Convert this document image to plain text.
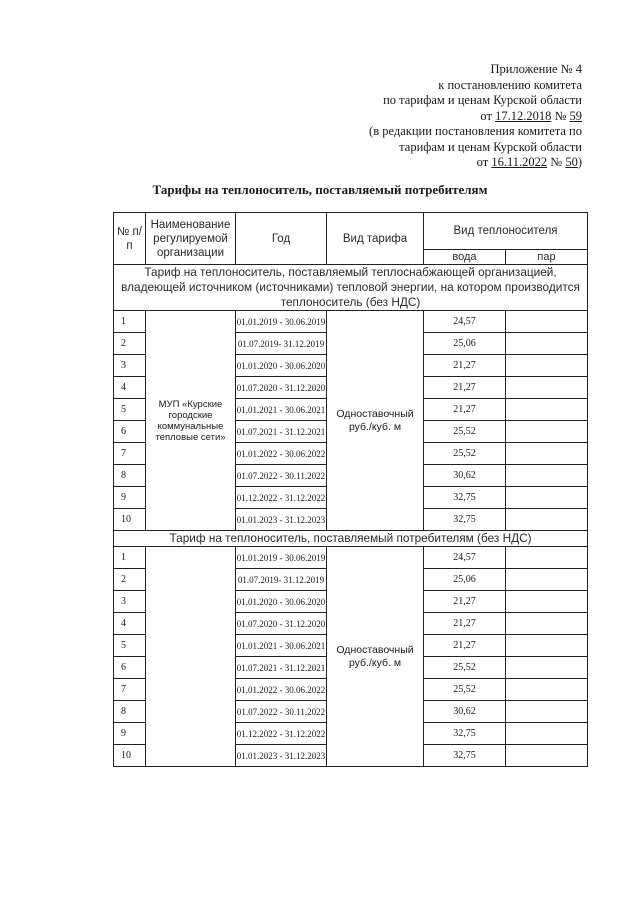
Приложение № 4
к постановлению комитета
по тарифам и ценам Курской области
от 17.12.2018 № 59
(в редакции постановления комитета по
тарифам и ценам Курской области
от 16.11.2022 № 50)
Тарифы на теплоноситель, поставляемый потребителям
№ п/п	Наименование регулируемой организации	Год	Вид тарифа	Вид теплоносителя	
				вода	пар
Тариф на теплоноситель, поставляемый теплоснабжающей организацией, владеющей источником (источниками) тепловой энергии, на котором производится теплоноситель (без НДС)					
1	МУП «Курские городские коммунальные тепловые сети»	01.01.2019 - 30.06.2019	Одноставочный руб./куб. м	24,57	
2		01.07.2019- 31.12.2019		25,06	
3		01.01.2020 - 30.06.2020		21,27	
4		01.07.2020 - 31.12.2020		21,27	
5		01.01.2021 - 30.06.2021		21,27	
6		01.07.2021 - 31.12.2021		25,52	
7		01.01.2022 - 30.06.2022		25,52	
8		01.07.2022 - 30.11.2022		30,62	
9		01.12.2022 - 31.12.2022		32,75	
10		01.01.2023 - 31.12.2023		32,75	
Тариф на теплоноситель, поставляемый потребителям (без НДС)					
1		01.01.2019 - 30.06.2019	Одноставочный руб./куб. м	24,57	
2		01.07.2019- 31.12.2019		25,06	
3		01.01.2020 - 30.06.2020		21,27	
4		01.07.2020 - 31.12.2020		21,27	
5		01.01.2021 - 30.06.2021		21,27	
6		01.07.2021 - 31.12.2021		25,52	
7		01.01.2022 - 30.06.2022		25,52	
8		01.07.2022 - 30.11.2022		30,62	
9		01.12.2022 - 31.12.2022		32,75	
10		01.01.2023 - 31.12.2023		32,75	
